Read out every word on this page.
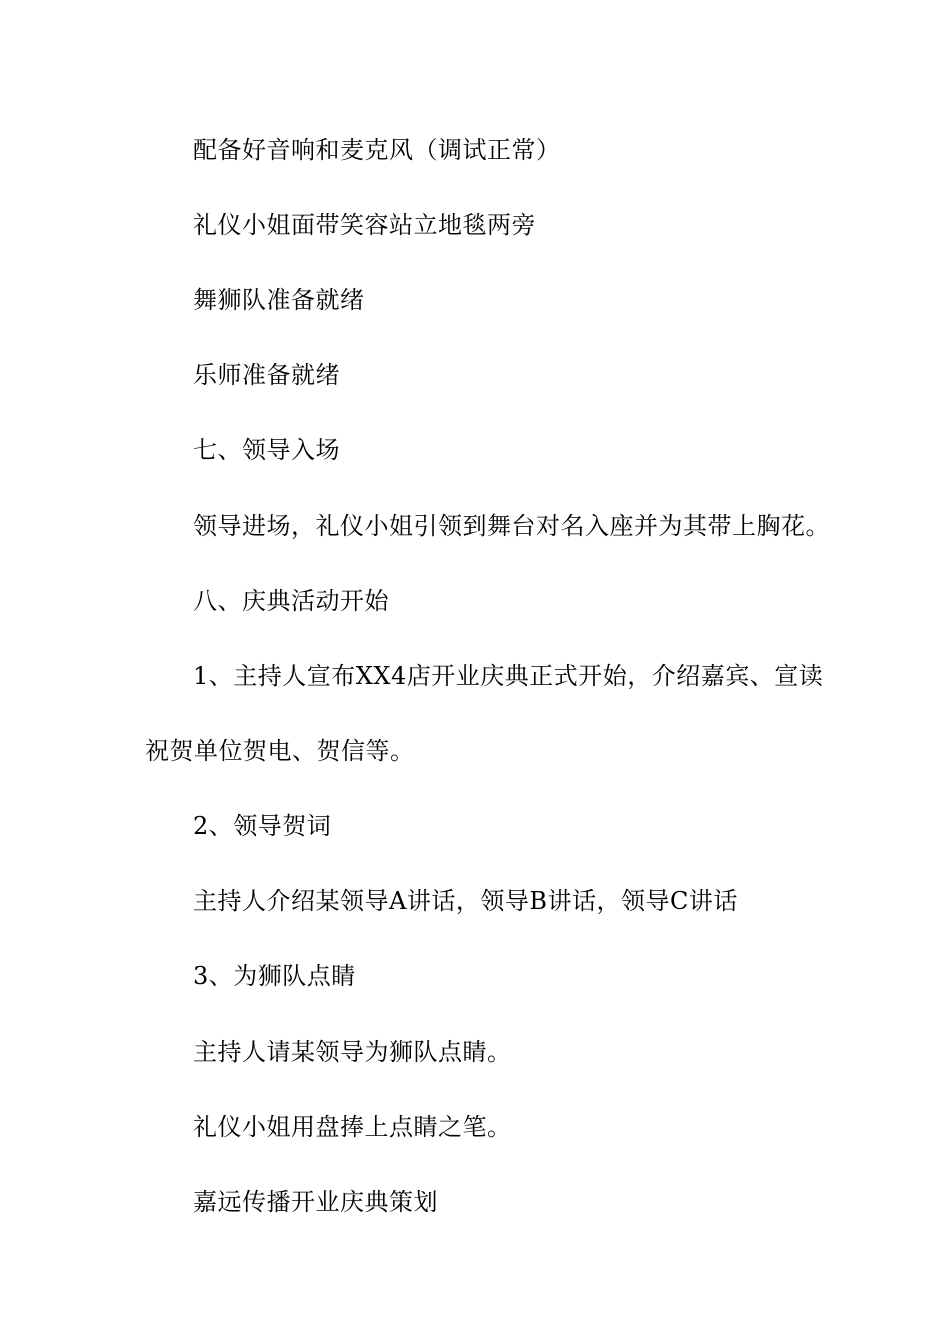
配备好音响和麦克风（调试正常）
礼仪小姐面带笑容站立地毯两旁
舞狮队准备就绪
乐师准备就绪
七、领导入场
领导进场，礼仪小姐引领到舞台对名入座并为其带上胸花。
八、庆典活动开始
1、主持人宣布XX4店开业庆典正式开始，介绍嘉宾、宣读
祝贺单位贺电、贺信等。
2、领导贺词
主持人介绍某领导A讲话，领导B讲话，领导C讲话
3、为狮队点睛
主持人请某领导为狮队点睛。
礼仪小姐用盘捧上点睛之笔。
嘉远传播开业庆典策划
